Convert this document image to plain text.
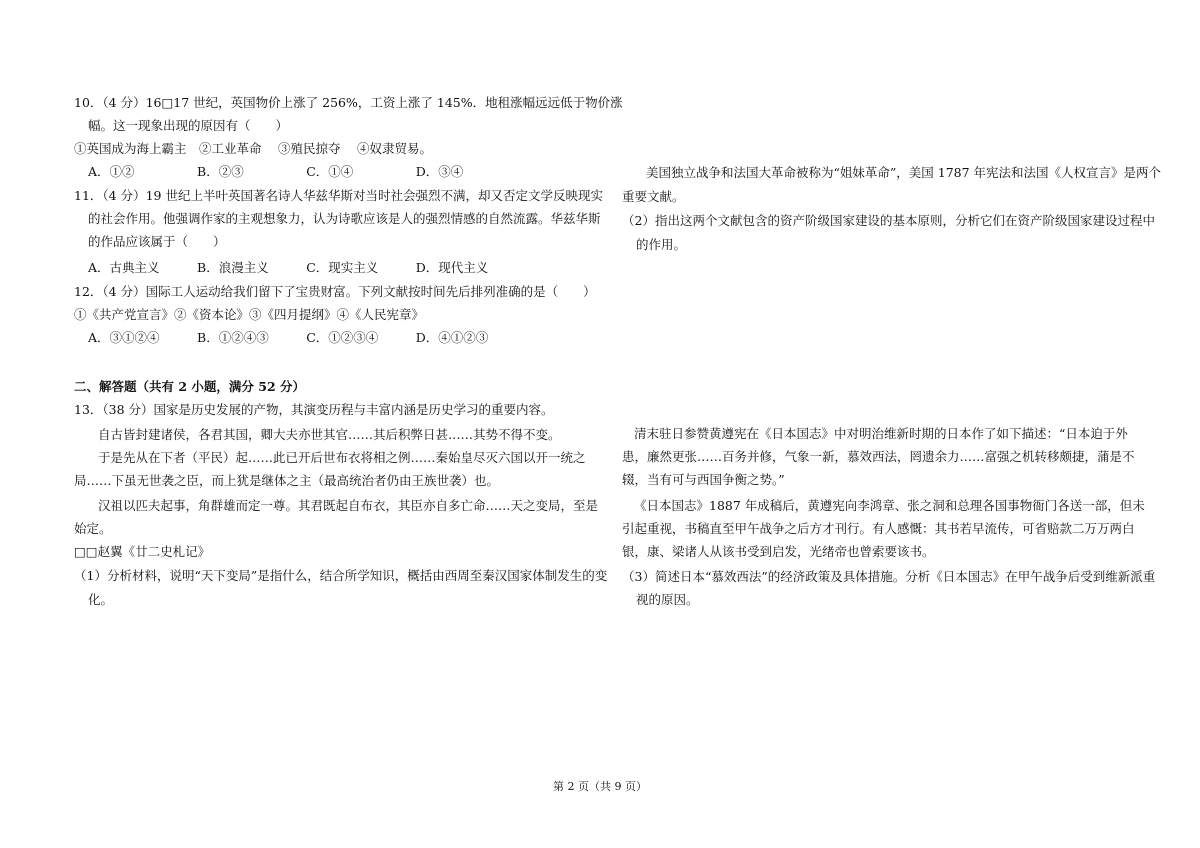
10．（4 分）16□17 世纪，英国物价上涨了 256%，工资上涨了 145%．地租涨幅远远低于物价涨
幅。这一现象出现的原因有（　　）
①英国成为海上霸主　②工业革命　 ③殖民掠夺　 ④奴隶贸易。
A．①②　　　　　B．②③　　　　　C．①④　　　　　D．③④
11．（4 分）19 世纪上半叶英国著名诗人华兹华斯对当时社会强烈不满，却又否定文学反映现实
的社会作用。他强调作家的主观想象力，认为诗歌应该是人的强烈情感的自然流露。华兹华斯
的作品应该属于（　　）
A．古典主义　　　B．浪漫主义　　　C．现实主义　　　D．现代主义
12．（4 分）国际工人运动给我们留下了宝贵财富。下列文献按时间先后排列准确的是（　　）
①《共产党宣言》②《资本论》③《四月提纲》④《人民宪章》
A．③①②④　　　B．①②④③　　　C．①②③④　　　D．④①②③
二、解答题（共有 2 小题，满分 52 分）
13．（38 分）国家是历史发展的产物，其演变历程与丰富内涵是历史学习的重要内容。
自古皆封建诸侯，各君其国，卿大夫亦世其官……其后积弊日甚……其势不得不变。
于是先从在下者（平民）起……此已开后世布衣将相之例……秦始皇尽灭六国以开一统之
局……下虽无世袭之臣，而上犹是继体之主（最高统治者仍由王族世袭）也。
汉祖以匹夫起事，角群雄而定一尊。其君既起自布衣，其臣亦自多亡命……天之变局，至是
始定。
□□赵翼《廿二史札记》
（1）分析材料，说明“天下变局”是指什么，结合所学知识，概括由西周至秦汉国家体制发生的变
化。
美国独立战争和法国大革命被称为“姐妹革命”，美国 1787 年宪法和法国《人权宣言》是两个
重要文献。
（2）指出这两个文献包含的资产阶级国家建设的基本原则，分析它们在资产阶级国家建设过程中
的作用。
清末驻日参赞黄遵宪在《日本国志》中对明治维新时期的日本作了如下描述：“日本迫于外
患，廉然更张……百务并修，气象一新，慕效西法，罔遗余力……富强之机转移颇捷，蒲是不
辍，当有可与西国争衡之势。”
《日本国志》1887 年成稿后，黄遵宪向李鸿章、张之洞和总理各国事物衙门各送一部，但未
引起重视，书稿直至甲午战争之后方才刊行。有人感慨：其书若早流传，可省赔款二万万两白
银，康、梁诸人从该书受到启发，光绪帝也曾索要该书。
（3）简述日本“慕效西法”的经济政策及具体措施。分析《日本国志》在甲午战争后受到维新派重
视的原因。
第 2 页（共 9 页）
